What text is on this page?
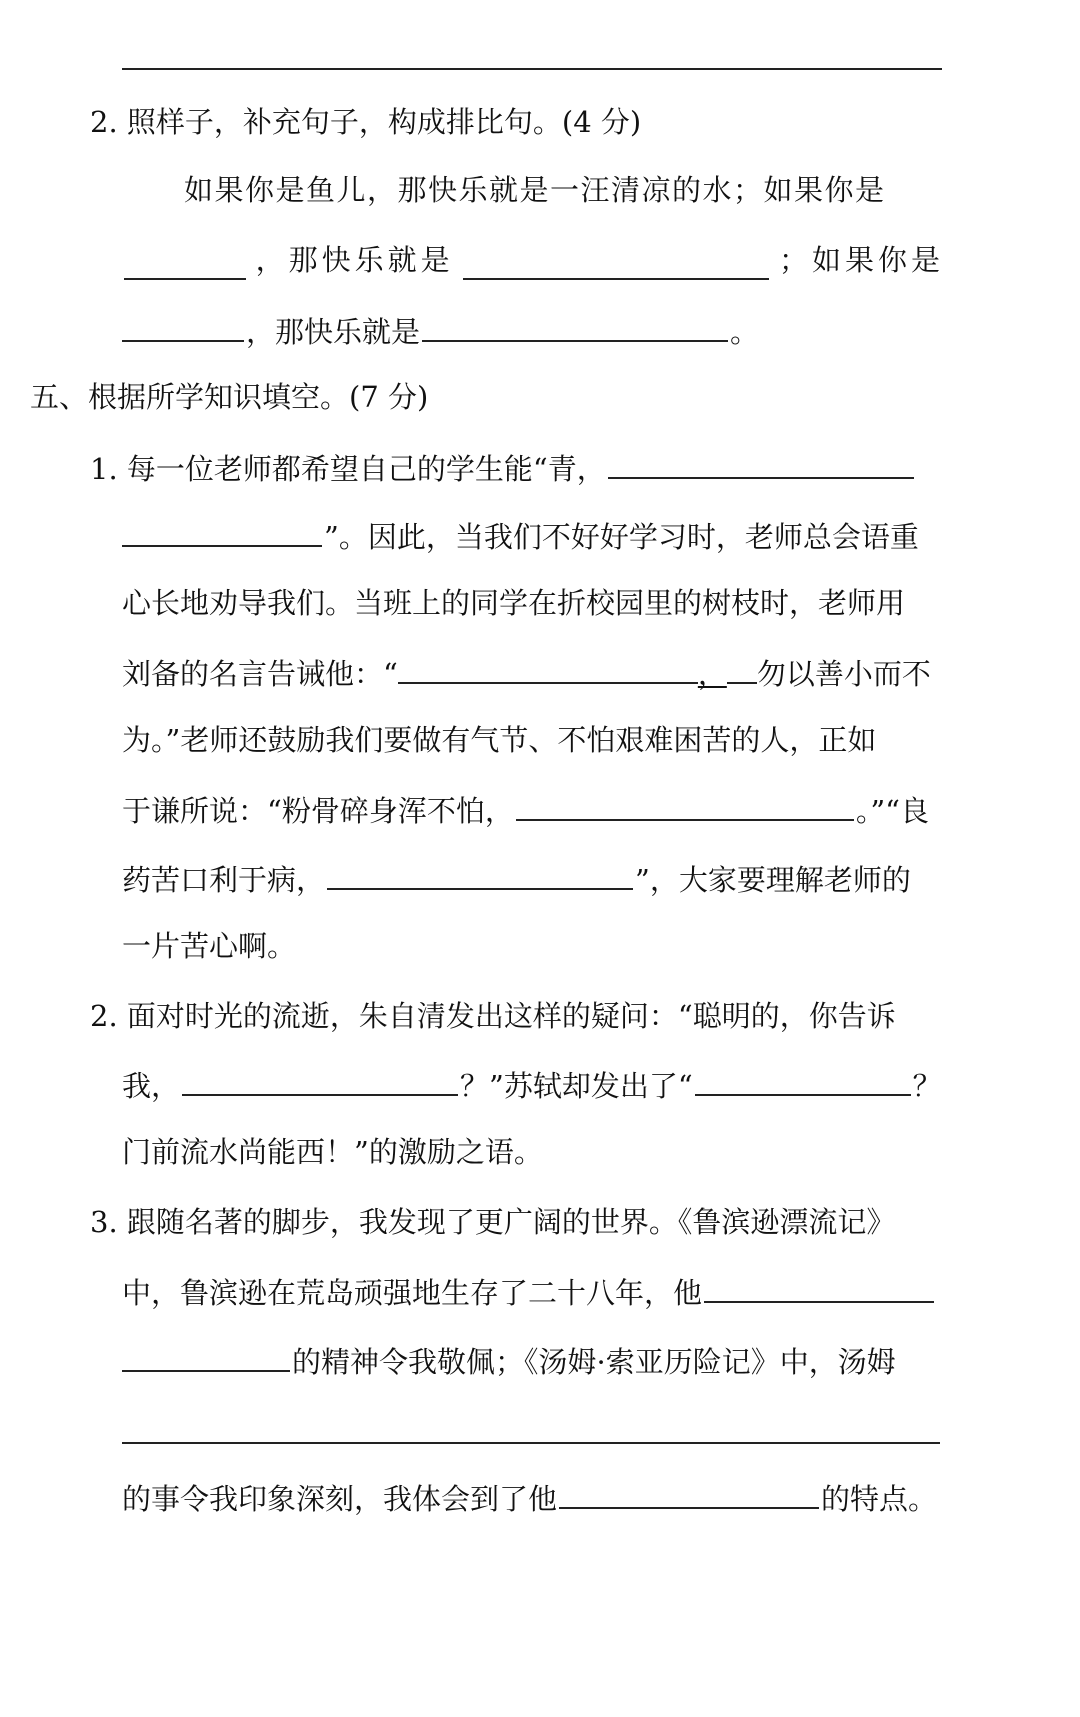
2. 照样子，补充句子，构成排比句。(4 分)
如果你是鱼儿，那快乐就是一汪清凉的水；如果你是
，那快乐就是	；如果你是
，那快乐就是	。
五、根据所学知识填空。(7 分)
1. 每一位老师都希望自己的学生能“青，
”。因此，当我们不好好学习时，老师总会语重
心长地劝导我们。当班上的同学在折校园里的树枝时，老师用
刘备的名言告诫他：“	， 勿以善小而不
为。”老师还鼓励我们要做有气节、不怕艰难困苦的人，正如
于谦所说：“粉骨碎身浑不怕，	。”“良
药苦口利于病，	”，大家要理解老师的
一片苦心啊。
2. 面对时光的流逝，朱自清发出这样的疑问：“聪明的，你告诉
我，	？”苏轼却发出了“	？
门前流水尚能西！”的激励之语。
3. 跟随名著的脚步，我发现了更广阔的世界。《鲁滨逊漂流记》
中，鲁滨逊在荒岛顽强地生存了二十八年，他
的精神令我敬佩；《汤姆·索亚历险记》中，汤姆
的事令我印象深刻，我体会到了他	的特点。
